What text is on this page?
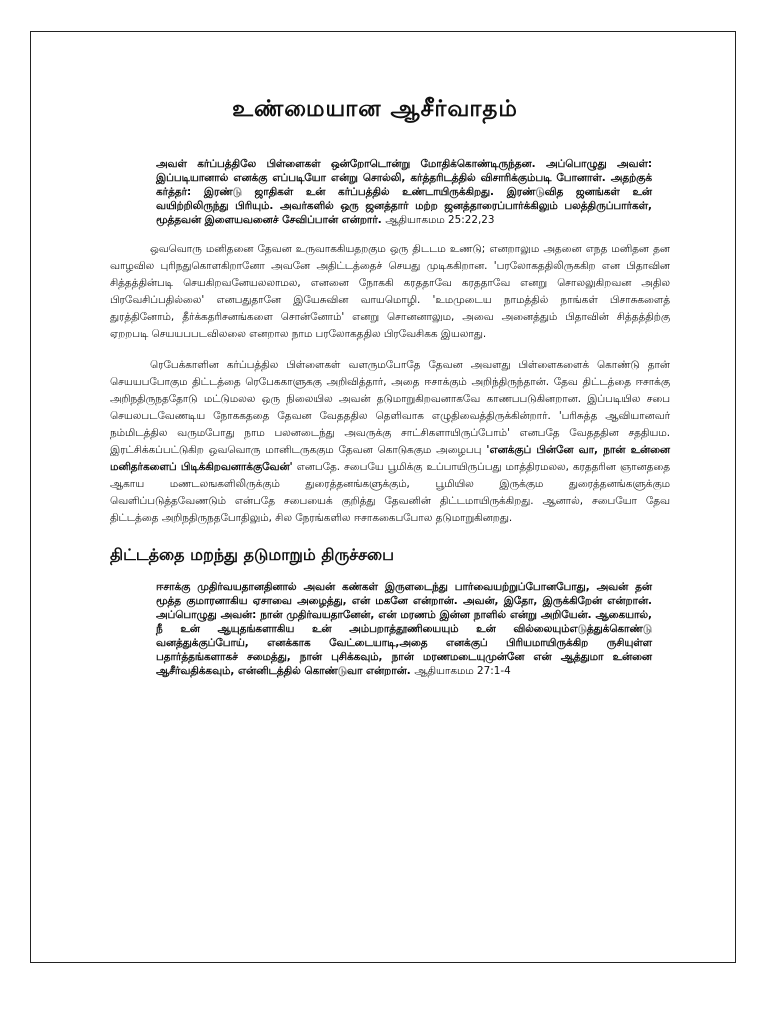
உண்மையான ஆசீர்வாதம்
அவள் கர்ப்பத்திலே பிள்ளைகள் ஒன்றோடொன்று மோதிக்கொண்டிருந்தன. அப்பொழுது அவள்: இப்படியானால் எனக்கு எப்படியோ என்று சொல்லி, கர்த்தரிடத்தில் விசாரிக்கும்படி போனாள். அதற்குக் கர்த்தர்: இரண்டு ஜாதிகள் உன் கர்ப்பத்தில் உண்டாயிருக்கிறது. இரண்டுவித ஜனங்கள் உன் வயிற்றிலிருந்து பிரியும். அவர்களில் ஒரு ஜனத்தார் மற்ற ஜனத்தாரைப்பார்க்கிலும் பலத்திருப்பார்கள், மூத்தவன் இளையவனைச் சேவிப்பான் என்றார். ஆதியாகமம 25:22,23
ஒவவொரு மனிதனை தேவன உருவாககியதறகும ஒரு திடடம உணடு; எனறாலும அதனை எநத மனிதன தன வாழவில புரிநதுகொளகிறானோ அவனே அதிட்டத்தைச் செயது முடிககிறான. 'பரலோகததிலிருககிற என பிதாவின சித்தத்தின்படி செயகிறவனேயலலாமல, எனனை நோககி கரததாவே கரததாவே எனறு சொலலுகிறவன அதில பிரவேசிப்பதில்லை' எனபதுதானே இயேசுவின வாயமொழி. 'உமமுடைய நாமத்தில் நாங்கள் பிசாசுகளைத் துரத்தினோம், தீர்க்கதரிசனங்களை சொன்னோம்' எனறு சொனனாலும, அவை அனைத்தும் பிதாவின் சித்தத்திற்கு ஏறறபடி செயயபபடவிலலை எனறால நாம பரலோகததில பிரவேசிகக இயலாது.
ரெபேக்காளின கர்ப்பத்தில பிள்ளைகள் வளருமபோதே தேவன அவளது பிள்ளைகளைக் கொண்டு தான் செயயபபோகும திட்டத்தை ரெபேககாளுககு அறிவித்தார், அதை ஈசாக்கும் அறிந்திருந்தான். தேவ திட்டத்தை ஈசாக்கு அறிநதிருநததோடு மட்டுமலல ஒரு நிலையில அவன் தடுமாறுகிறவனாகவே காணபபடுகினறான. இப்படியில சபை செயலபடவேணடிய நோககததை தேவன வேதததில தெளிவாக எழுதிவைத்திருக்கின்றார். 'பரிசுத்த ஆவியானவர் நம்மிடத்தில வருமபோது நாம பலனடைந்து அவருக்கு சாட்சிகளாயிருப்போம்' எனபதே வேதததின சததியம. இரட்சிக்கப்பட்டுகிற ஒவவொரு மானிடருககும தேவன கொடுககும அழைபபு 'எனக்குப் பின்னே வா, நான் உன்னை மனிதர்களைப் பிடிக்கிறவனாக்குவேன்' எனபதே. சபையே பூமிக்கு உப்பாயிருப்பது மாத்திரமலல, கரததரின ஞானததை ஆகாய மணடலஙகளிலிருக்கும் துரைத்தனங்களுக்கும், பூமியில இருக்கும துரைத்தனங்களுக்கும வெளிப்படுத்தவேணடும் என்பதே சபையைக் குறித்து தேவனின் திட்டமாயிருக்கிறது. ஆனால், சபையோ தேவ திட்டத்தை அறிநதிருநதபோதிலும், சில நேரங்களில ஈசாககைபபோல தடுமாறுகினறது.
திட்டத்தை மறந்து தடுமாறும் திருச்சபை
ஈசாக்கு முதிர்வயதானதினால் அவன் கண்கள் இருளடைந்து பார்வையற்றுப்போனபோது, அவன் தன் மூத்த குமாரனாகிய ஏசாவை அழைத்து, என் மகனே என்றான். அவன், இதோ, இருக்கிறேன் என்றான். அப்பொழுது அவன்: நான் முதிர்வயதானேன், என் மரணம் இன்ன நாளில் என்று அறியேன். ஆகையால், நீ உன் ஆயுதங்களாகிய உன் அம்பறாத்தூணியையும் உன் வில்லையும்எடுத்துக்கொண்டு வனத்துக்குப்போய், எனக்காக வேட்டையாடி,அதை எனக்குப் பிரியமாயிருக்கிற ருசியுள்ள பதார்த்தங்களாகச் சமைத்து, நான் புசிக்கவும், நான் மரணமடையுமுன்னே என் ஆத்துமா உன்னை ஆசீர்வதிக்கவும், என்னிடத்தில் கொண்டுவா என்றான். ஆதியாகமம 27:1-4
